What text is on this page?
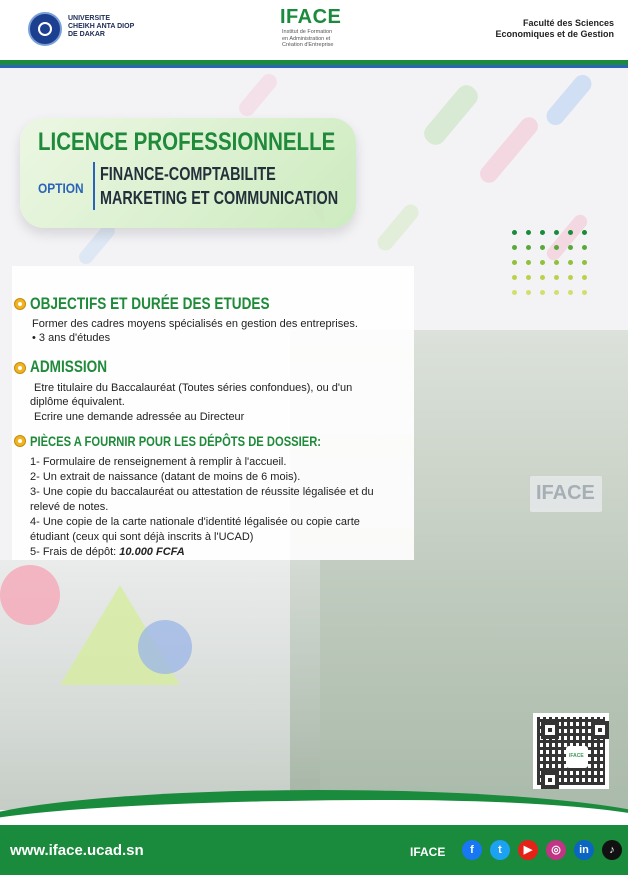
UNIVERSITE
CHEIKH ANTA DIOP
DE DAKAR
IFACE
Institut de Formation
en Administration et
Création d'Entreprise
Faculté des Sciences
Economiques et de Gestion
IFACE
LICENCE PROFESSIONNELLE
OPTION
FINANCE-COMPTABILITE
MARKETING ET COMMUNICATION
OBJECTIFS ET DURÉE DES ETUDES
Former des cadres moyens spécialisés en gestion des entreprises.
• 3 ans d'études
ADMISSION
Etre titulaire du Baccalauréat (Toutes séries confondues), ou d'un
diplôme équivalent.
Ecrire une demande adressée au Directeur
PIÈCES A FOURNIR POUR LES DÉPÔTS DE DOSSIER:
1- Formulaire de renseignement à remplir à l'accueil.
2- Un extrait de naissance (datant de moins de 6 mois).
3- Une copie du baccalauréat ou attestation de réussite légalisée et du
relevé de notes.
4- Une copie de la carte nationale d'identité légalisée ou copie carte
étudiant (ceux qui sont déjà inscrits à l'UCAD)
5- Frais de dépôt: 10.000 FCFA
IFACE
www.iface.ucad.sn	IFACE	f	t	▶	◎	in	♪
